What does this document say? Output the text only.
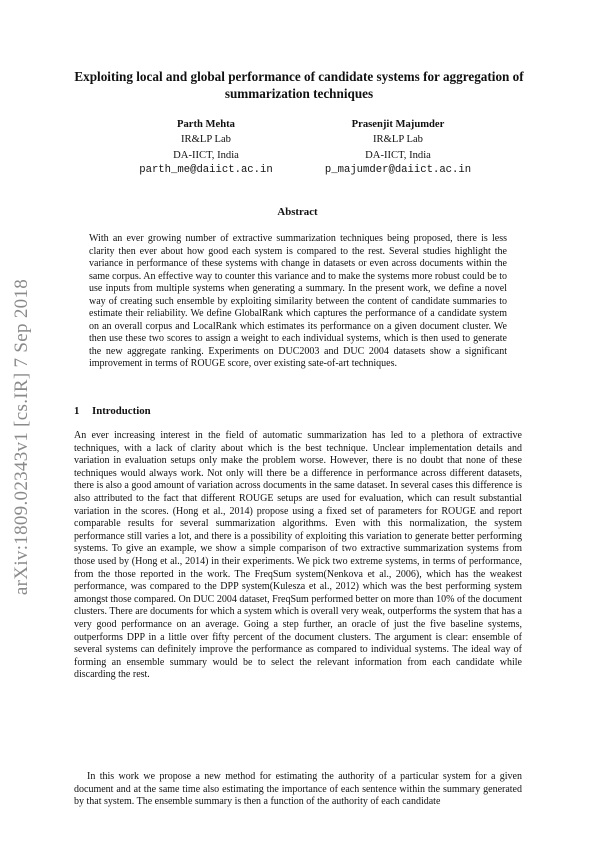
arXiv:1809.02343v1 [cs.IR] 7 Sep 2018
Exploiting local and global performance of candidate systems for aggregation of summarization techniques
Parth Mehta
IR&LP Lab
DA-IICT, India
parth_me@daiict.ac.in
Prasenjit Majumder
IR&LP Lab
DA-IICT, India
p_majumder@daiict.ac.in
Abstract

With an ever growing number of extractive summarization techniques being proposed, there is less clarity then ever about how good each system is compared to the rest. Several studies highlight the variance in performance of these systems with change in datasets or even across documents within the same corpus. An effective way to counter this variance and to make the systems more robust could be to use inputs from multiple systems when generating a summary. In the present work, we define a novel way of creating such ensemble by exploiting similarity between the content of candidate summaries to estimate their reliability. We define GlobalRank which captures the performance of a candidate system on an overall corpus and LocalRank which estimates its performance on a given document cluster. We then use these two scores to assign a weight to each individual systems, which is then used to generate the new aggregate ranking. Experiments on DUC2003 and DUC 2004 datasets show a significant improvement in terms of ROUGE score, over existing sate-of-art techniques.

1 Introduction

An ever increasing interest in the field of automatic summarization has led to a plethora of extractive techniques, with a lack of clarity about which is the best technique. Unclear implementation details and variation in evaluation setups only make the problem worse. However, there is no doubt that none of these techniques would always work. Not only will there be a difference in performance across different datasets, there is also a good amount of variation across documents in the same dataset. In several cases this difference is also attributed to the fact that different ROUGE setups are used for evaluation, which can result substantial variation in the scores. (Hong et al., 2014) propose using a fixed set of parameters for ROUGE and report comparable results for several summarization algorithms. Even with this normalization, the system performance still varies a lot, and there is a possibility of exploiting this variation to generate better performing systems. To give an example, we show a simple comparison of two extractive summarization systems from those used by (Hong et al., 2014) in their experiments. We pick two extreme systems, in terms of performance, from the those reported in the work. The FreqSum system(Nenkova et al., 2006), which has the weakest performance, was compared to the DPP system(Kulesza et al., 2012) which was the best performing system amongst those compared. On DUC 2004 dataset, FreqSum performed better on more than 10% of the document clusters. There are documents for which a system which is overall very weak, outperforms the system that has a very good performance on an average. Going a step further, an oracle of just the five baseline systems, outperforms DPP in a little over fifty percent of the document clusters. The argument is clear: ensemble of several systems can definitely improve the performance as compared to individual systems. The ideal way of forming an ensemble summary would be to select the relevant information from each candidate while discarding the rest.

In this work we propose a new method for estimating the authority of a particular system for a given document and at the same time also estimating the importance of each sentence within the summary generated by that system. The ensemble summary is then a function of the authority of each candidate
